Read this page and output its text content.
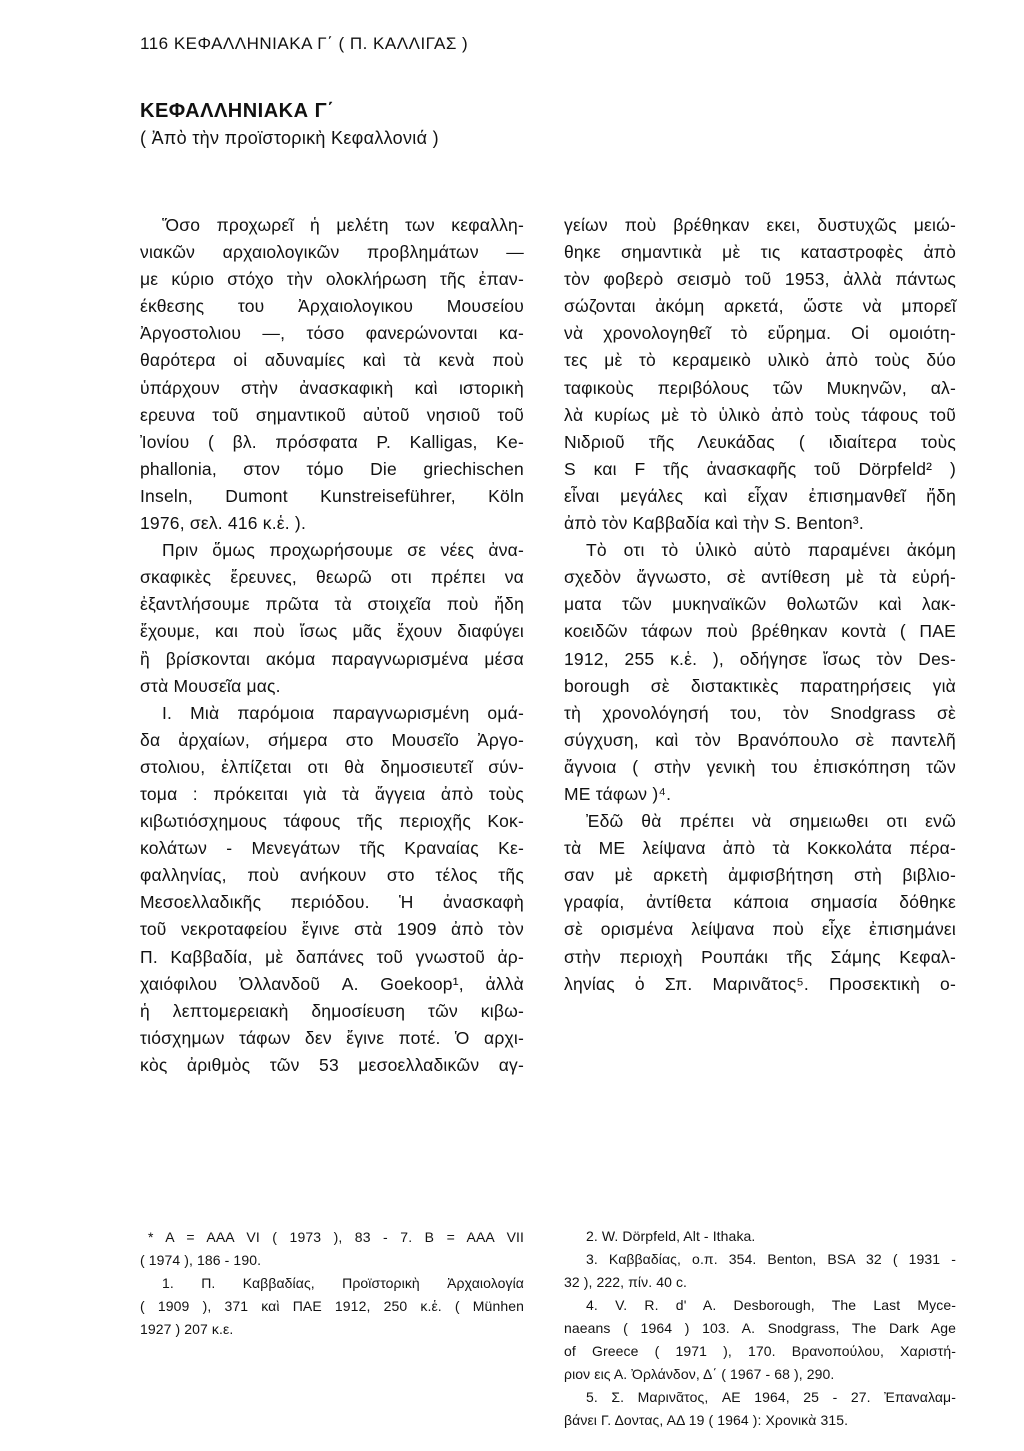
116 ΚΕΦΑΛΛΗΝΙΑΚΑ Γ΄ ( Π. ΚΑΛΛΙΓΑΣ )
ΚΕΦΑΛΛΗΝΙΑΚΑ Γ΄
( Ἀπὸ τὴν προϊστορικὴ Κεφαλλονιά )
Ὅσο προχωρεῖ ἡ μελέτη των κεφαλλη-
νιακῶν αρχαιολογικῶν προβλημάτων —
με κύριο στόχο τὴν ολοκλήρωση τῆς ἐπαν-
έκθεσης του Ἀρχαιολογικου Μουσείου
Ἀργοστολιου —, τόσο φανερώνονται κα-
θαρότερα οἱ αδυναμίες καὶ τὰ κενὰ ποὺ
ὑπάρχουν στὴν ἀνασκαφικὴ καὶ ιστορικὴ
ερευνα τοῦ σημαντικοῦ αὐτοῦ νησιοῦ τοῦ
Ἰονίου ( βλ. πρόσφατα P. Kalligas, Ke-
phallonia, στον τόμο Die griechischen
Inseln, Dumont Kunstreiseführer, Köln
1976, σελ. 416 κ.ἑ. ).
Πριν ὅμως προχωρήσουμε σε νέες ἀνα-
σκαφικὲς ἔρευνες, θεωρῶ οτι πρέπει να
ἐξαντλήσουμε πρῶτα τὰ στοιχεῖα ποὺ ἤδη
ἔχουμε, και ποὺ ἴσως μᾶς ἔχουν διαφύγει
ἢ βρίσκονται ακόμα παραγνωρισμένα μέσα
στὰ Μουσεῖα μας.
I. Μιὰ παρόμοια παραγνωρισμένη ομά-
δα ἀρχαίων, σήμερα στο Μουσεῖο Ἀργο-
στολιου, ἐλπίζεται οτι θὰ δημοσιευτεῖ σύν-
τομα : πρόκειται γιὰ τὰ ἄγγεια ἀπὸ τοὺς
κιβωτιόσχημους τάφους τῆς περιοχῆς Κοκ-
κολάτων - Μενεγάτων τῆς Κραναίας Κε-
φαλληνίας, ποὺ ανήκουν στο τέλος τῆς
Μεσοελλαδικῆς περιόδου. Ἡ ἀνασκαφὴ
τοῦ νεκροταφείου ἔγινε στὰ 1909 ἀπὸ τὸν
Π. Καββαδία, μὲ δαπάνες τοῦ γνωστοῦ ἀρ-
χαιόφιλου Ὀλλανδοῦ A. Goekoop¹, ἀλλὰ
ἡ λεπτομερειακὴ δημοσίευση τῶν κιβω-
τιόσχημων τάφων δεν ἔγινε ποτέ. Ὁ αρχι-
κὸς ἀριθμὸς τῶν 53 μεσοελλαδικῶν αγ-
γείων ποὺ βρέθηκαν εκει, δυστυχῶς μειώ-
θηκε σημαντικὰ μὲ τις καταστροφὲς ἀπὸ
τὸν φοβερὸ σεισμὸ τοῦ 1953, ἀλλὰ πάντως
σώζονται ἀκόμη αρκετά, ὥστε νὰ μπορεῖ
νὰ χρονολογηθεῖ τὸ εὕρημα. Οἱ ομοιότη-
τες μὲ τὸ κεραμεικὸ υλικὸ ἀπὸ τοὺς δύο
ταφικοὺς περιβόλους τῶν Μυκηνῶν, αλ-
λὰ κυρίως μὲ τὸ ὑλικὸ ἀπὸ τοὺς τάφους τοῦ
Νιδριοῦ τῆς Λευκάδας ( ιδιαίτερα τοὺς
S και F τῆς ἀνασκαφῆς τοῦ Dörpfeld² )
εἶναι μεγάλες καὶ εἶχαν ἐπισημανθεῖ ἤδη
ἀπὸ τὸν Καββαδία καὶ τὴν S. Benton³.
Τὸ οτι τὸ ὑλικὸ αὐτὸ παραμένει ἀκόμη
σχεδὸν ἄγνωστο, σὲ αντίθεση μὲ τὰ εὑρή-
ματα τῶν μυκηναϊκῶν θολωτῶν καὶ λακ-
κοειδῶν τάφων ποὺ βρέθηκαν κοντὰ ( ΠΑΕ
1912, 255 κ.ἑ. ), οδήγησε ἴσως τὸν Des-
borough σὲ διστακτικὲς παρατηρήσεις γιὰ
τὴ χρονολόγησή του, τὸν Snodgrass σὲ
σύγχυση, καὶ τὸν Βρανόπουλο σὲ παντελῆ
ἄγνοια ( στὴν γενικὴ του ἐπισκόπηση τῶν
ΜΕ τάφων )⁴.
Ἐδῶ θὰ πρέπει νὰ σημειωθει οτι ενῶ
τὰ ΜΕ λείψανα ἀπὸ τὰ Κοκκολάτα πέρα-
σαν μὲ αρκετὴ ἀμφισβήτηση στὴ βιβλιο-
γραφία, ἀντίθετα κάποια σημασία δόθηκε
σὲ ορισμένα λείψανα ποὺ εἶχε ἐπισημάνει
στὴν περιοχὴ Ρουπάκι τῆς Σάμης Κεφαλ-
ληνίας ὁ Σπ. Μαρινᾶτος⁵. Προσεκτικὴ ο-
* A = AAA VI ( 1973 ), 83 - 7. B = AAA VII
( 1974 ), 186 - 190.
1. Π. Καββαδίας, Προϊστορικὴ Ἀρχαιολογία
( 1909 ), 371 καὶ ΠΑΕ 1912, 250 κ.ἑ. ( Münhen
1927 ) 207 κ.ε.
2. W. Dörpfeld, Alt - Ithaka.
3. Καββαδίας, ο.π. 354. Benton, BSA 32 ( 1931 -
32 ), 222, πίν. 40 c.
4. V. R. d' A. Desborough, The Last Myce-
naeans ( 1964 ) 103. A. Snodgrass, The Dark Age
of Greece ( 1971 ), 170. Βρανοπούλου, Χαριστή-
ριον εις Α. Ὀρλάνδον, Δ΄ ( 1967 - 68 ), 290.
5. Σ. Μαρινᾶτος, AE 1964, 25 - 27. Ἐπαναλαμ-
βάνει Γ. Δοντας, ΑΔ 19 ( 1964 ): Χρονικὰ 315.
